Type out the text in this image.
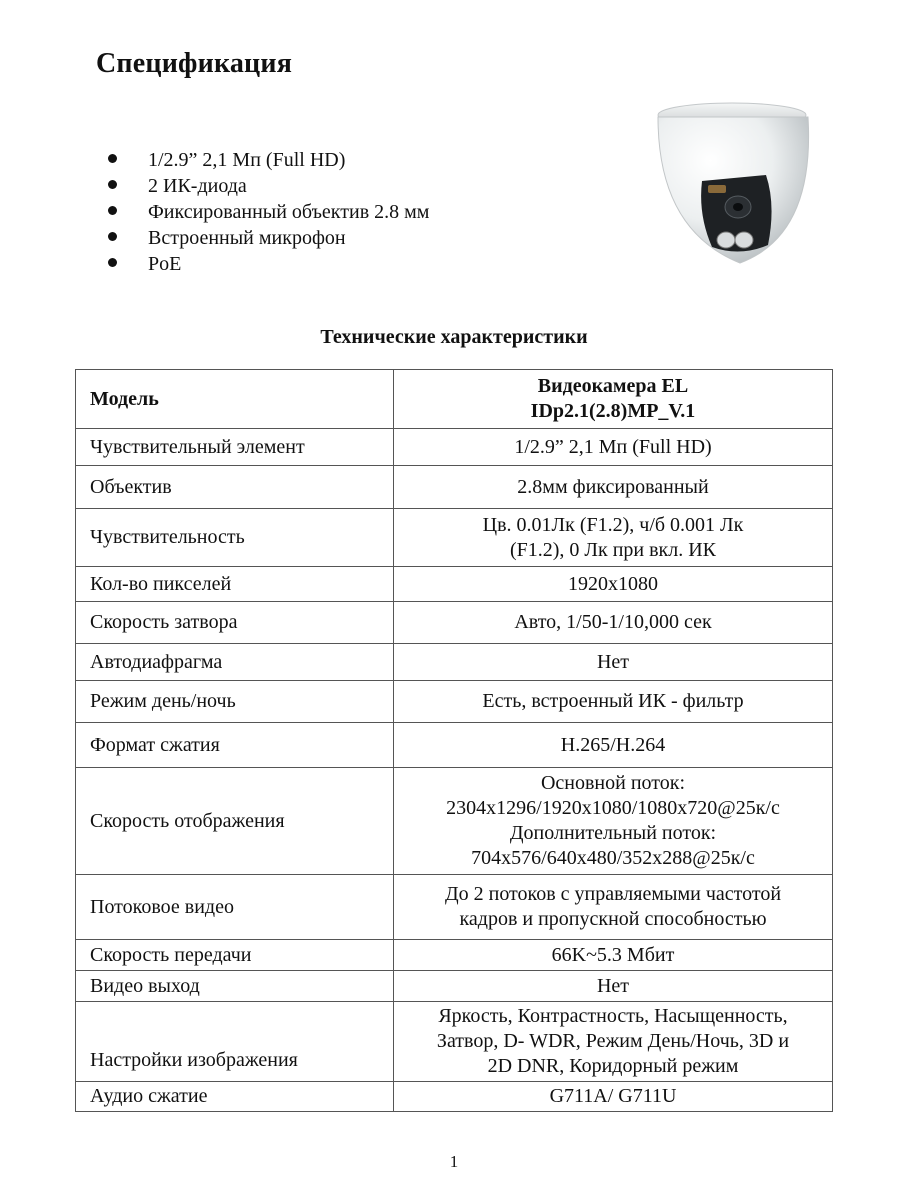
Спецификация
1/2.9” 2,1 Мп (Full HD)
2 ИК-диода
Фиксированный объектив 2.8 мм
Встроенный микрофон
PoE
Технические характеристики
Модель	Видеокамера EL
IDp2.1(2.8)MP_V.1
Чувствительный элемент	1/2.9” 2,1 Мп (Full HD)
Объектив	2.8мм фиксированный
Чувствительность	Цв. 0.01Лк (F1.2), ч/б 0.001 Лк
(F1.2), 0 Лк при вкл. ИК
Кол-во пикселей	1920x1080
Скорость затвора	Авто, 1/50-1/10,000 сек
Автодиафрагма	Нет
Режим день/ночь	Есть, встроенный ИК - фильтр
Формат сжатия	H.265/H.264
Скорость отображения	Основной поток:
2304x1296/1920x1080/1080x720@25к/с
Дополнительный поток:
704x576/640x480/352x288@25к/с
Потоковое видео	До 2 потоков с управляемыми частотой
кадров и пропускной способностью
Скорость передачи	66K~5.3 Мбит
Видео выход	Нет
Настройки изображения	Яркость, Контрастность, Насыщенность,
Затвор, D- WDR, Режим День/Ночь, 3D и
2D DNR, Коридорный режим
Аудио сжатие	G711A/ G711U
1
